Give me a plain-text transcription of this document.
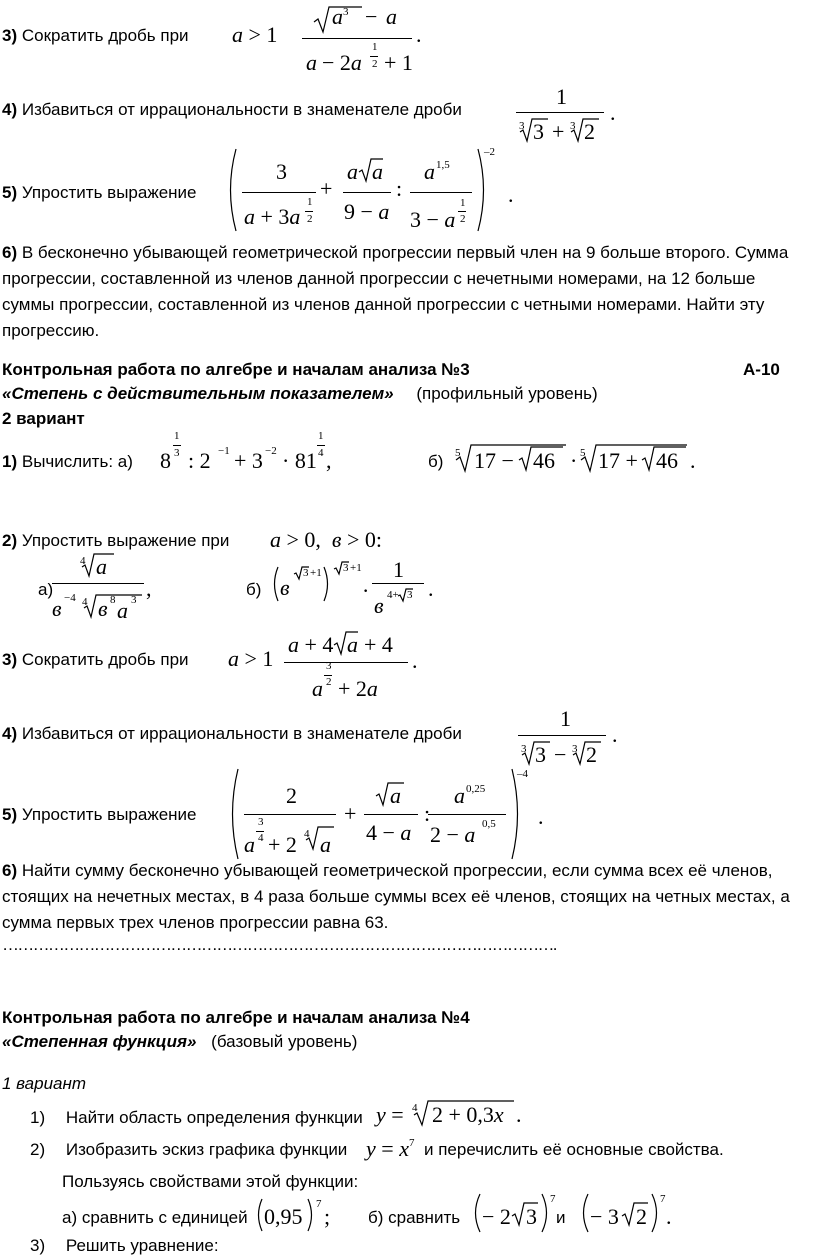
3) Сократить дробь при a > 1
$a^3 - a$
a − 2a
1
2 + 1
.
4) Избавиться от иррациональности в знаменателе дроби
1
3 3 + 3 2
.
5) Упростить выражение
3
a + 3a
1
2
+
a a
9 − a
:
a 1,5
3 − a
1
2
–2
.
6) В бесконечно убывающей геометрической прогрессии первый член на 9 больше второго. Сумма прогрессии, составленной из членов данной прогрессии с нечетными номерами, на 12 больше суммы прогрессии, составленной из членов данной прогрессии с четными номерами. Найти эту прогрессию.
Контрольная работа по алгебре и началам анализа №3	А-10
«Степень с действительным показателем» (профильный уровень)
2 вариант
1) Вычислить: а) 8
1
3 : 2 −1 + 3 −2 · 81
1
4 ,	б) 5 17 − 46 · 5 17 + 46 .
2) Упростить выражение при a > 0,  в > 0:
а)
4 a
в −4 4 в 8 a 3 ,	б) в
3 +1 3 +1
·
1
в 4+ 3 .
3) Сократить дробь при a > 1
a + 4 a + 4
a
3
2 + 2a
.
4) Избавиться от иррациональности в знаменателе дроби
1
3 3 − 3 2
.
5) Упростить выражение
2
a
3
4 + 2 4 a
+
a
4 − a
:
a 0,25
2 − a 0,5
–4
.
6) Найти сумму бесконечно убывающей геометрической прогрессии, если сумма всех её членов, стоящих на нечетных местах, в 4 раза больше суммы всех её членов, стоящих на четных местах, а сумма первых трех членов прогрессии равна 63.
……………………………………………………………………………………………….
Контрольная работа по алгебре и началам анализа №4
«Степенная функция» (базовый уровень)
1 вариант
1) Найти область определения функции y = 4 2 + 0,3x .
2) Изобразить эскиз графика функции $y = x^7$ и перечислить её основные свойства.
Пользуясь свойствами этой функции:
а) сравнить с единицей 0,95 7 ; б) сравнить − 2 3
7
и − 3 2
7
.
3) Решить уравнение:
